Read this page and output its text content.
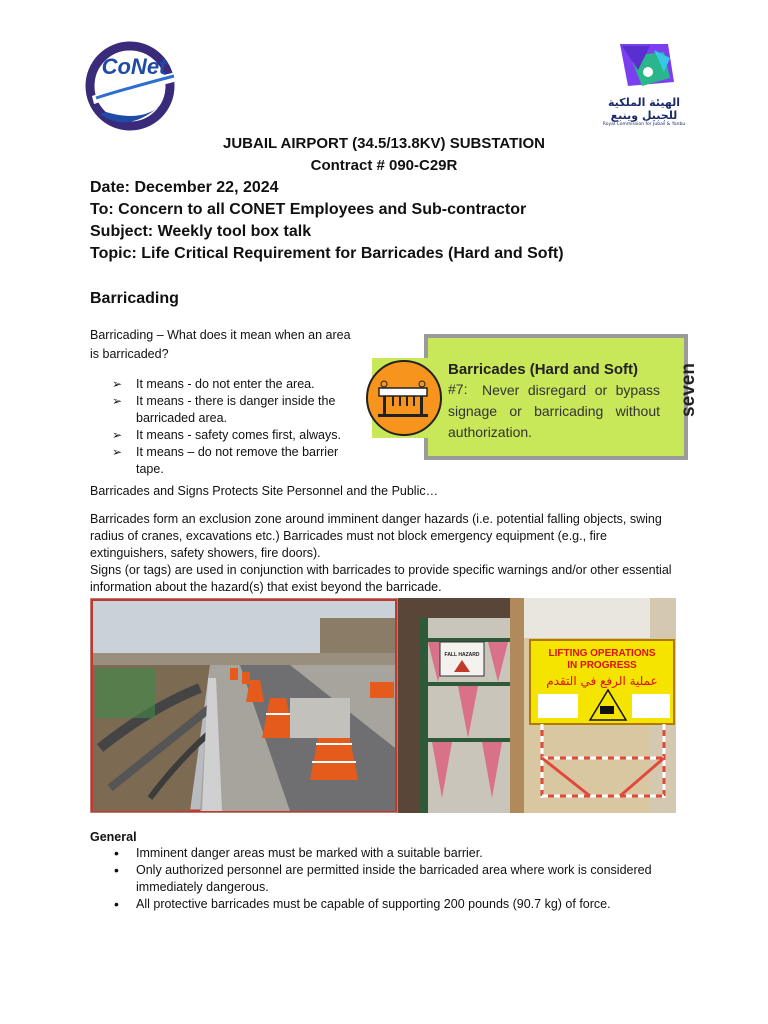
CoNet
الهيئة الملكية للجبيل وينبع
Royal Commission for Jubail & Yanbu
JUBAIL AIRPORT (34.5/13.8KV) SUBSTATION
Contract # 090-C29R
Date: December 22, 2024
To: Concern to all CONET Employees and Sub-contractor
Subject: Weekly tool box talk
Topic: Life Critical Requirement for Barricades (Hard and Soft)
Barricading
Barricading – What does it mean when an area is barricaded?
➢ It means - do not enter the area.
➢ It means - there is danger inside the barricaded area.
➢ It means - safety comes first, always.
➢ It means – do not remove the barrier tape.
Barricades (Hard and Soft)
#7:	Never disregard or bypass signage or barricading without authorization.
seven
Barricades and Signs Protects Site Personnel and the Public…
Barricades form an exclusion zone around imminent danger hazards (i.e. potential falling objects, swing radius of cranes, excavations etc.) Barricades must not block emergency equipment (e.g., fire extinguishers, safety showers, fire doors).
Signs (or tags) are used in conjunction with barricades to provide specific warnings and/or other essential information about the hazard(s) that exist beyond the barricade.
FALL HAZARD	LIFTING OPERATIONS
IN PROGRESS
عملية الرفع في التقدم
General
• Imminent danger areas must be marked with a suitable barrier.
• Only authorized personnel are permitted inside the barricaded area where work is considered immediately dangerous.
• All protective barricades must be capable of supporting 200 pounds (90.7 kg) of force.
